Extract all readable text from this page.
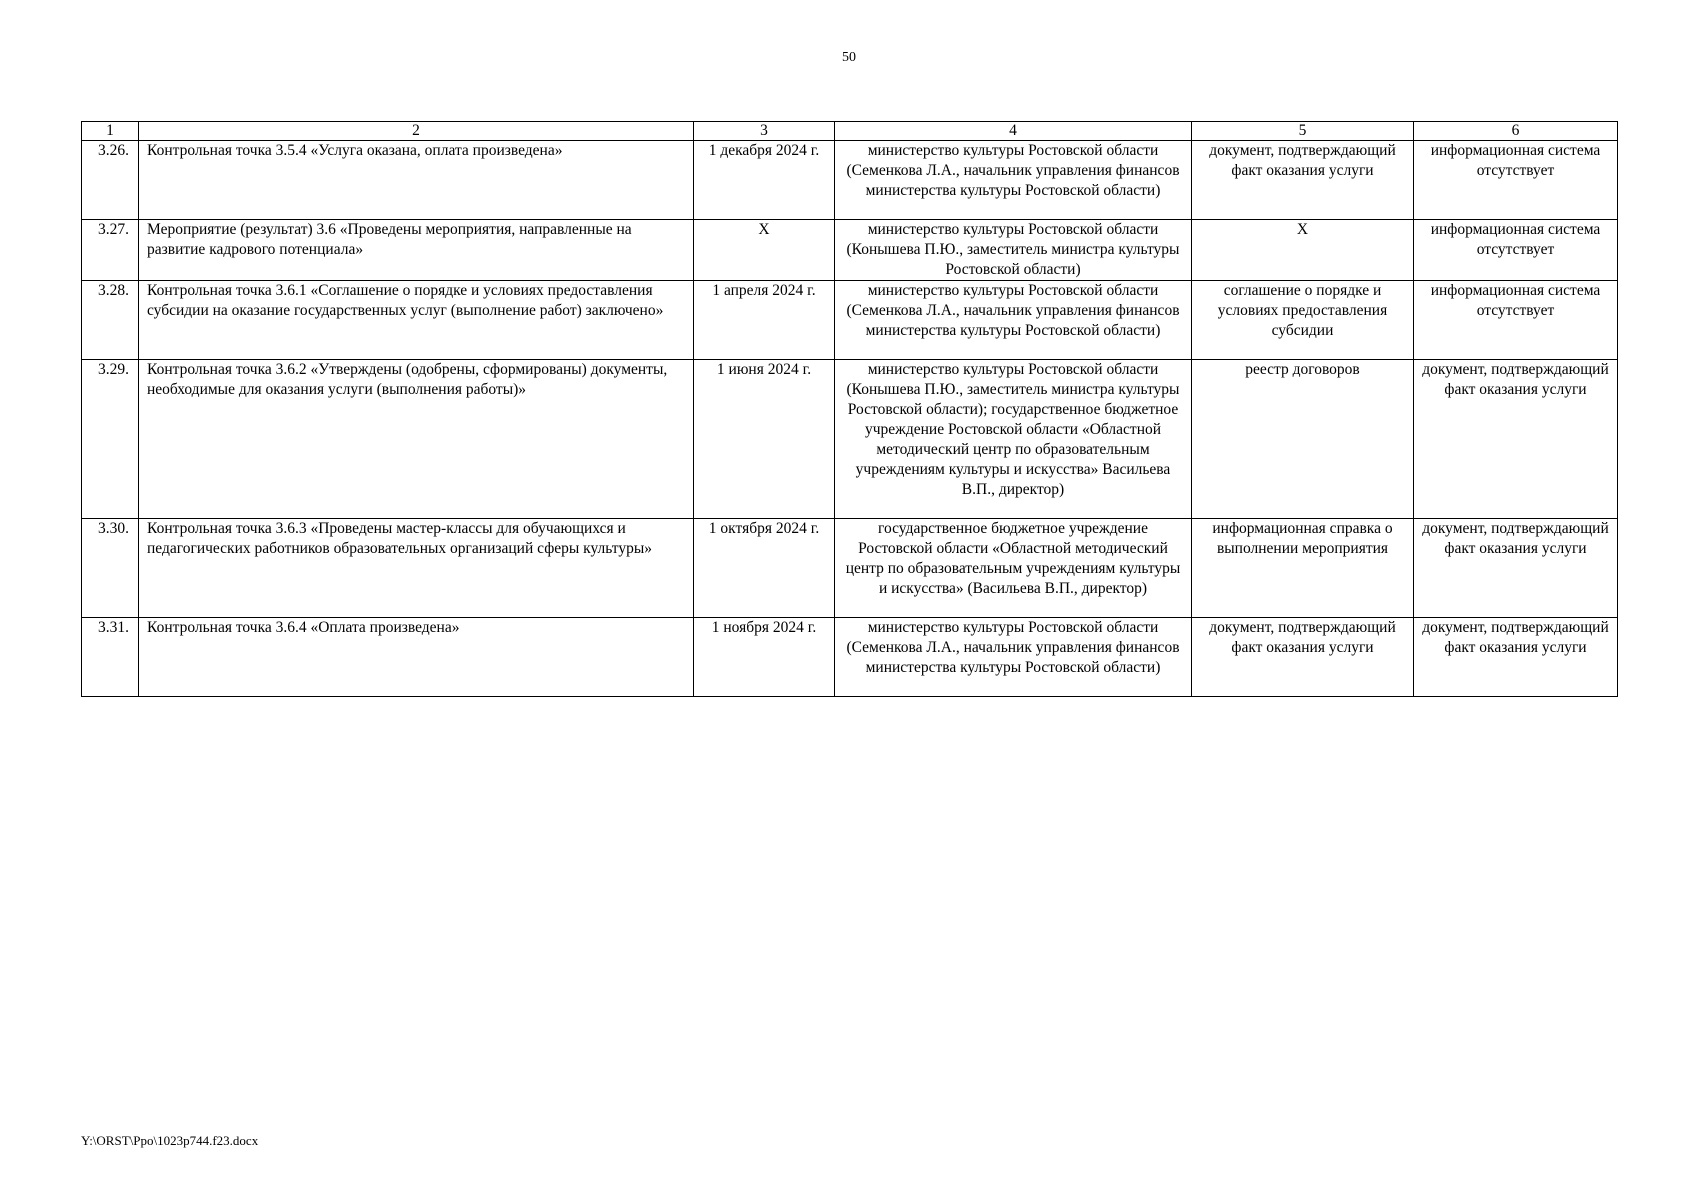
50
1	2	3	4	5	6
3.26.	Контрольная точка 3.5.4 «Услуга оказана, оплата произведена»	1 декабря 2024 г.	министерство культуры Ростовской области (Семенкова Л.А., начальник управления финансов министерства культуры Ростовской области)	документ, подтверждающий факт оказания услуги	информационная система отсутствует
3.27.	Мероприятие (результат) 3.6 «Проведены мероприятия, направленные на развитие кадрового потенциала»	X	министерство культуры Ростовской области (Конышева П.Ю., заместитель министра культуры Ростовской области)	X	информационная система отсутствует
3.28.	Контрольная точка 3.6.1 «Соглашение о порядке и условиях предоставления субсидии на оказание государственных услуг (выполнение работ) заключено»	1 апреля 2024 г.	министерство культуры Ростовской области (Семенкова Л.А., начальник управления финансов министерства культуры Ростовской области)	соглашение о порядке и условиях предоставления субсидии	информационная система отсутствует
3.29.	Контрольная точка 3.6.2 «Утверждены (одобрены, сформированы) документы, необходимые для оказания услуги (выполнения работы)»	1 июня 2024 г.	министерство культуры Ростовской области (Конышева П.Ю., заместитель министра культуры Ростовской области); государственное бюджетное учреждение Ростовской области «Областной методический центр по образовательным учреждениям культуры и искусства» Васильева В.П., директор)	реестр договоров	документ, подтверждающий факт оказания услуги
3.30.	Контрольная точка 3.6.3 «Проведены мастер-классы для обучающихся и педагогических работников образовательных организаций сферы культуры»	1 октября 2024 г.	государственное бюджетное учреждение Ростовской области «Областной методический центр по образовательным учреждениям культуры и искусства» (Васильева В.П., директор)	информационная справка о выполнении мероприятия	документ, подтверждающий факт оказания услуги
3.31.	Контрольная точка 3.6.4 «Оплата произведена»	1 ноября 2024 г.	министерство культуры Ростовской области (Семенкова Л.А., начальник управления финансов министерства культуры Ростовской области)	документ, подтверждающий факт оказания услуги	документ, подтверждающий факт оказания услуги
Y:\ORST\Ppo\1023p744.f23.docx
